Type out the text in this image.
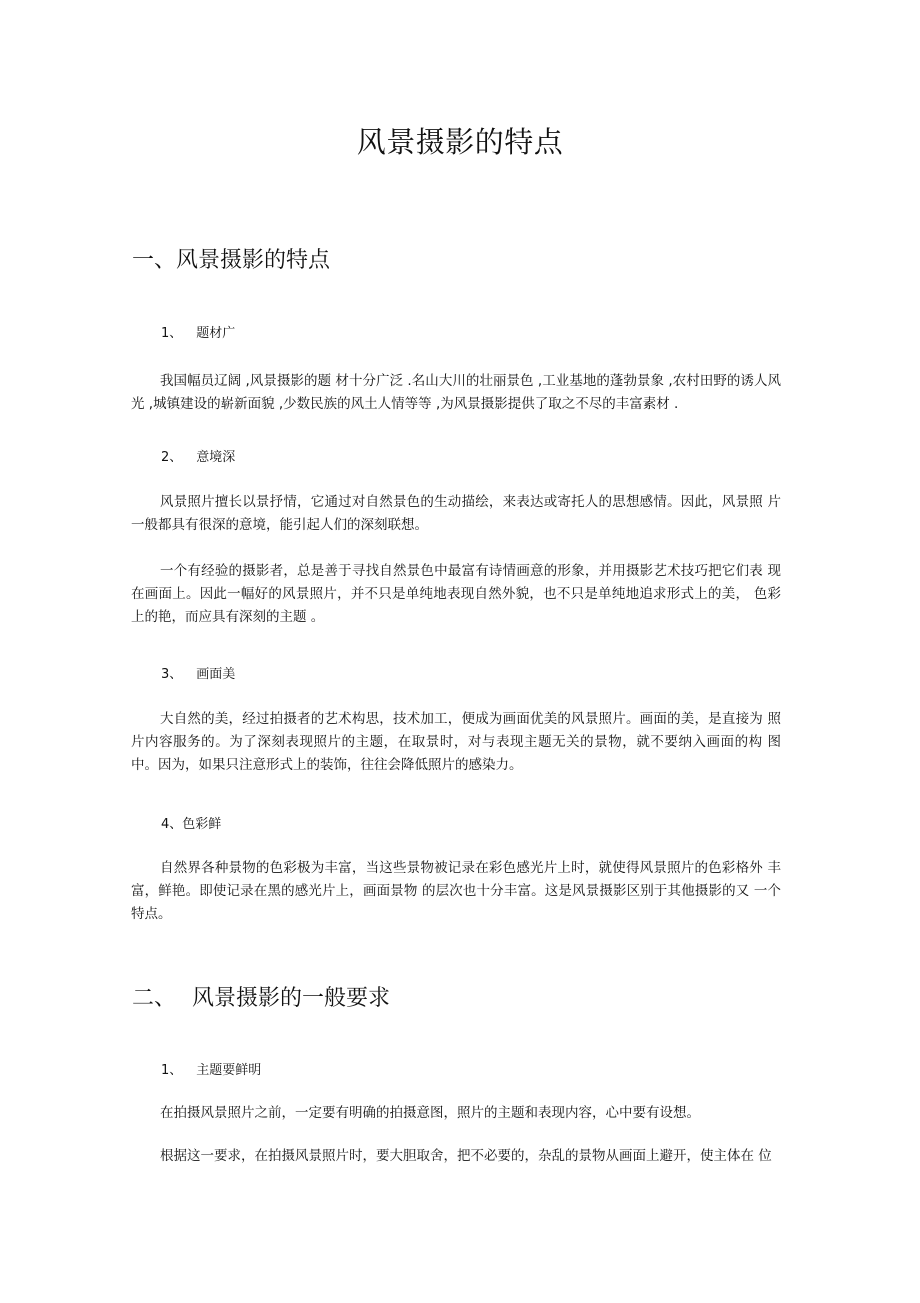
风景摄影的特点
一、风景摄影的特点
1、 题材广

我国幅员辽阔 ,风景摄影的题 材十分广泛 .名山大川的壮丽景色 ,工业基地的蓬勃景象 ,农村田野的诱人风光 ,城镇建设的崭新面貌 ,少数民族的风土人情等等 ,为风景摄影提供了取之不尽的丰富素材 .

2、 意境深

风景照片擅长以景抒情，它通过对自然景色的生动描绘，来表达或寄托人的思想感情。因此，风景照 片一般都具有很深的意境，能引起人们的深刻联想。

一个有经验的摄影者，总是善于寻找自然景色中最富有诗情画意的形象，并用摄影艺术技巧把它们表 现在画面上。因此一幅好的风景照片，并不只是单纯地表现自然外貌，也不只是单纯地追求形式上的美， 色彩上的艳，而应具有深刻的主题 。

3、 画面美

大自然的美，经过拍摄者的艺术构思，技术加工，便成为画面优美的风景照片。画面的美，是直接为 照片内容服务的。为了深刻表现照片的主题，在取景时，对与表现主题无关的景物，就不要纳入画面的构 图中。因为，如果只注意形式上的装饰，往往会降低照片的感染力。

4、色彩鲜

自然界各种景物的色彩极为丰富，当这些景物被记录在彩色感光片上时，就使得风景照片的色彩格外 丰富，鲜艳。即使记录在黑的感光片上，画面景物 的层次也十分丰富。这是风景摄影区别于其他摄影的又 一个特点。

二、 风景摄影的一般要求
1、 主题要鲜明

在拍摄风景照片之前，一定要有明确的拍摄意图，照片的主题和表现内容，心中要有设想。

根据这一要求，在拍摄风景照片时，要大胆取舍，把不必要的，杂乱的景物从画面上避开，使主体在 位
